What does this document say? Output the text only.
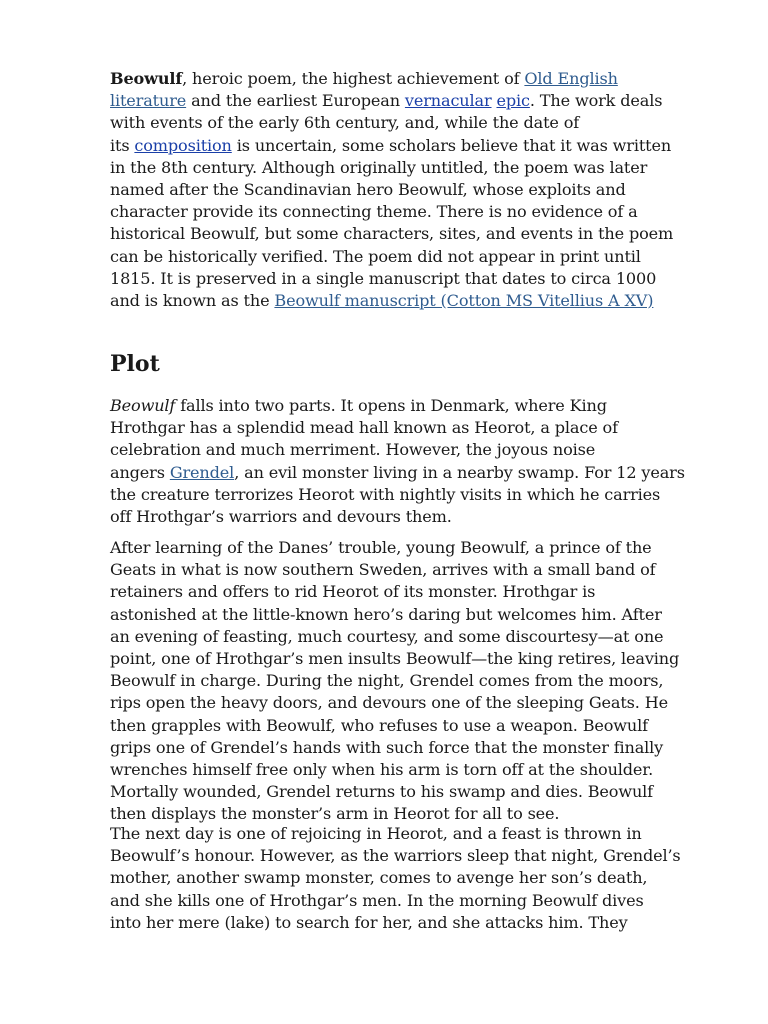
Beowulf, heroic poem, the highest achievement of Old English
literature and the earliest European vernacular epic. The work deals
with events of the early 6th century, and, while the date of
its composition is uncertain, some scholars believe that it was written
in the 8th century. Although originally untitled, the poem was later
named after the Scandinavian hero Beowulf, whose exploits and
character provide its connecting theme. There is no evidence of a
historical Beowulf, but some characters, sites, and events in the poem
can be historically verified. The poem did not appear in print until
1815. It is preserved in a single manuscript that dates to circa 1000
and is known as the Beowulf manuscript (Cotton MS Vitellius A XV)
Plot
Beowulf falls into two parts. It opens in Denmark, where King
Hrothgar has a splendid mead hall known as Heorot, a place of
celebration and much merriment. However, the joyous noise
angers Grendel, an evil monster living in a nearby swamp. For 12 years
the creature terrorizes Heorot with nightly visits in which he carries
off Hrothgar’s warriors and devours them.
After learning of the Danes’ trouble, young Beowulf, a prince of the
Geats in what is now southern Sweden, arrives with a small band of
retainers and offers to rid Heorot of its monster. Hrothgar is
astonished at the little-known hero’s daring but welcomes him. After
an evening of feasting, much courtesy, and some discourtesy—at one
point, one of Hrothgar’s men insults Beowulf—the king retires, leaving
Beowulf in charge. During the night, Grendel comes from the moors,
rips open the heavy doors, and devours one of the sleeping Geats. He
then grapples with Beowulf, who refuses to use a weapon. Beowulf
grips one of Grendel’s hands with such force that the monster finally
wrenches himself free only when his arm is torn off at the shoulder.
Mortally wounded, Grendel returns to his swamp and dies. Beowulf
then displays the monster’s arm in Heorot for all to see.
The next day is one of rejoicing in Heorot, and a feast is thrown in
Beowulf’s honour. However, as the warriors sleep that night, Grendel’s
mother, another swamp monster, comes to avenge her son’s death,
and she kills one of Hrothgar’s men. In the morning Beowulf dives
into her mere (lake) to search for her, and she attacks him. They
